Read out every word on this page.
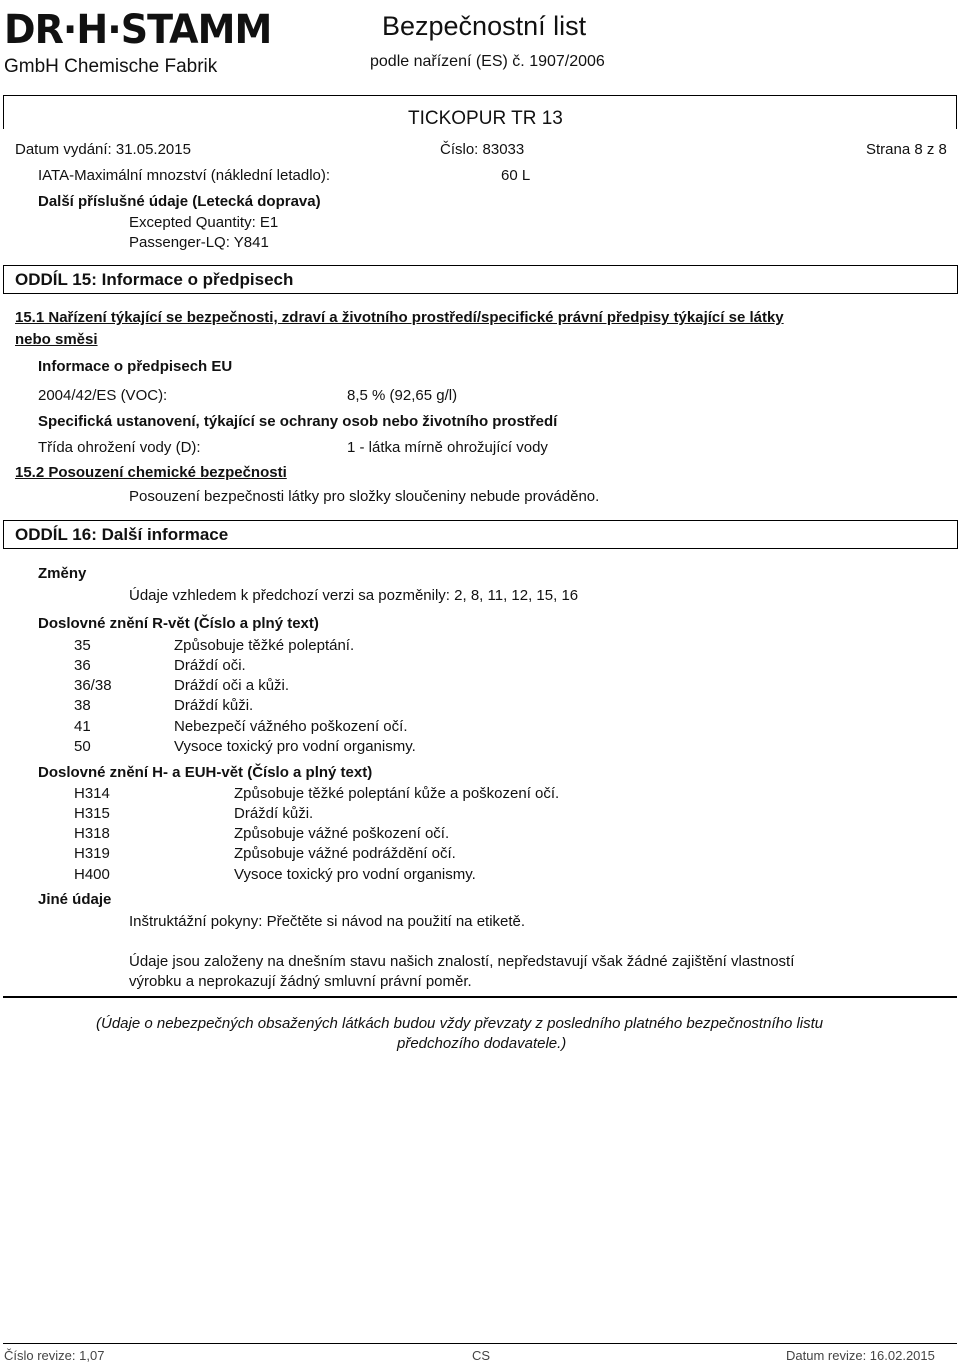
DR·H·STAMM
GmbH Chemische Fabrik
Bezpečnostní list
podle nařízení (ES) č. 1907/2006
TICKOPUR TR 13
Datum vydání: 31.05.2015	Číslo: 83033	Strana 8 z 8
IATA-Maximální mnozství (náklední letadlo):	60 L
Další příslušné údaje (Letecká doprava)
Excepted Quantity: E1
Passenger-LQ: Y841
ODDÍL 15: Informace o předpisech
15.1 Nařízení týkající se bezpečnosti, zdraví a životního prostředí/specifické právní předpisy týkající se látky
nebo směsi
Informace o předpisech EU
2004/42/ES (VOC):	8,5 % (92,65 g/l)
Specifická ustanovení, týkající se ochrany osob nebo životního prostředí
Třída ohrožení vody (D):	1 - látka mírně ohrožující vody
15.2 Posouzení chemické bezpečnosti
Posouzení bezpečnosti látky pro složky sloučeniny nebude prováděno.
ODDÍL 16: Další informace
Změny
Údaje vzhledem k předchozí verzi sa pozměnily: 2, 8, 11, 12, 15, 16
Doslovné znění R-vět (Číslo a plný text)
35	Způsobuje těžké poleptání.
36	Dráždí oči.
36/38	Dráždí oči a kůži.
38	Dráždí kůži.
41	Nebezpečí vážného poškození očí.
50	Vysoce toxický pro vodní organismy.
Doslovné znění H- a EUH-vět (Číslo a plný text)
H314	Způsobuje těžké poleptání kůže a poškození očí.
H315	Dráždí kůži.
H318	Způsobuje vážné poškození očí.
H319	Způsobuje vážné podráždění očí.
H400	Vysoce toxický pro vodní organismy.
Jiné údaje
Inštruktážní pokyny: Přečtěte si návod na použití na etiketě.
Údaje jsou založeny na dnešním stavu našich znalostí, nepředstavují však žádné zajištění vlastností
výrobku a neprokazují žádný smluvní právní poměr.
(Údaje o nebezpečných obsažených látkách budou vždy převzaty z posledního platného bezpečnostního listu
předchozího dodavatele.)
Číslo revize: 1,07	CS	Datum revize: 16.02.2015
